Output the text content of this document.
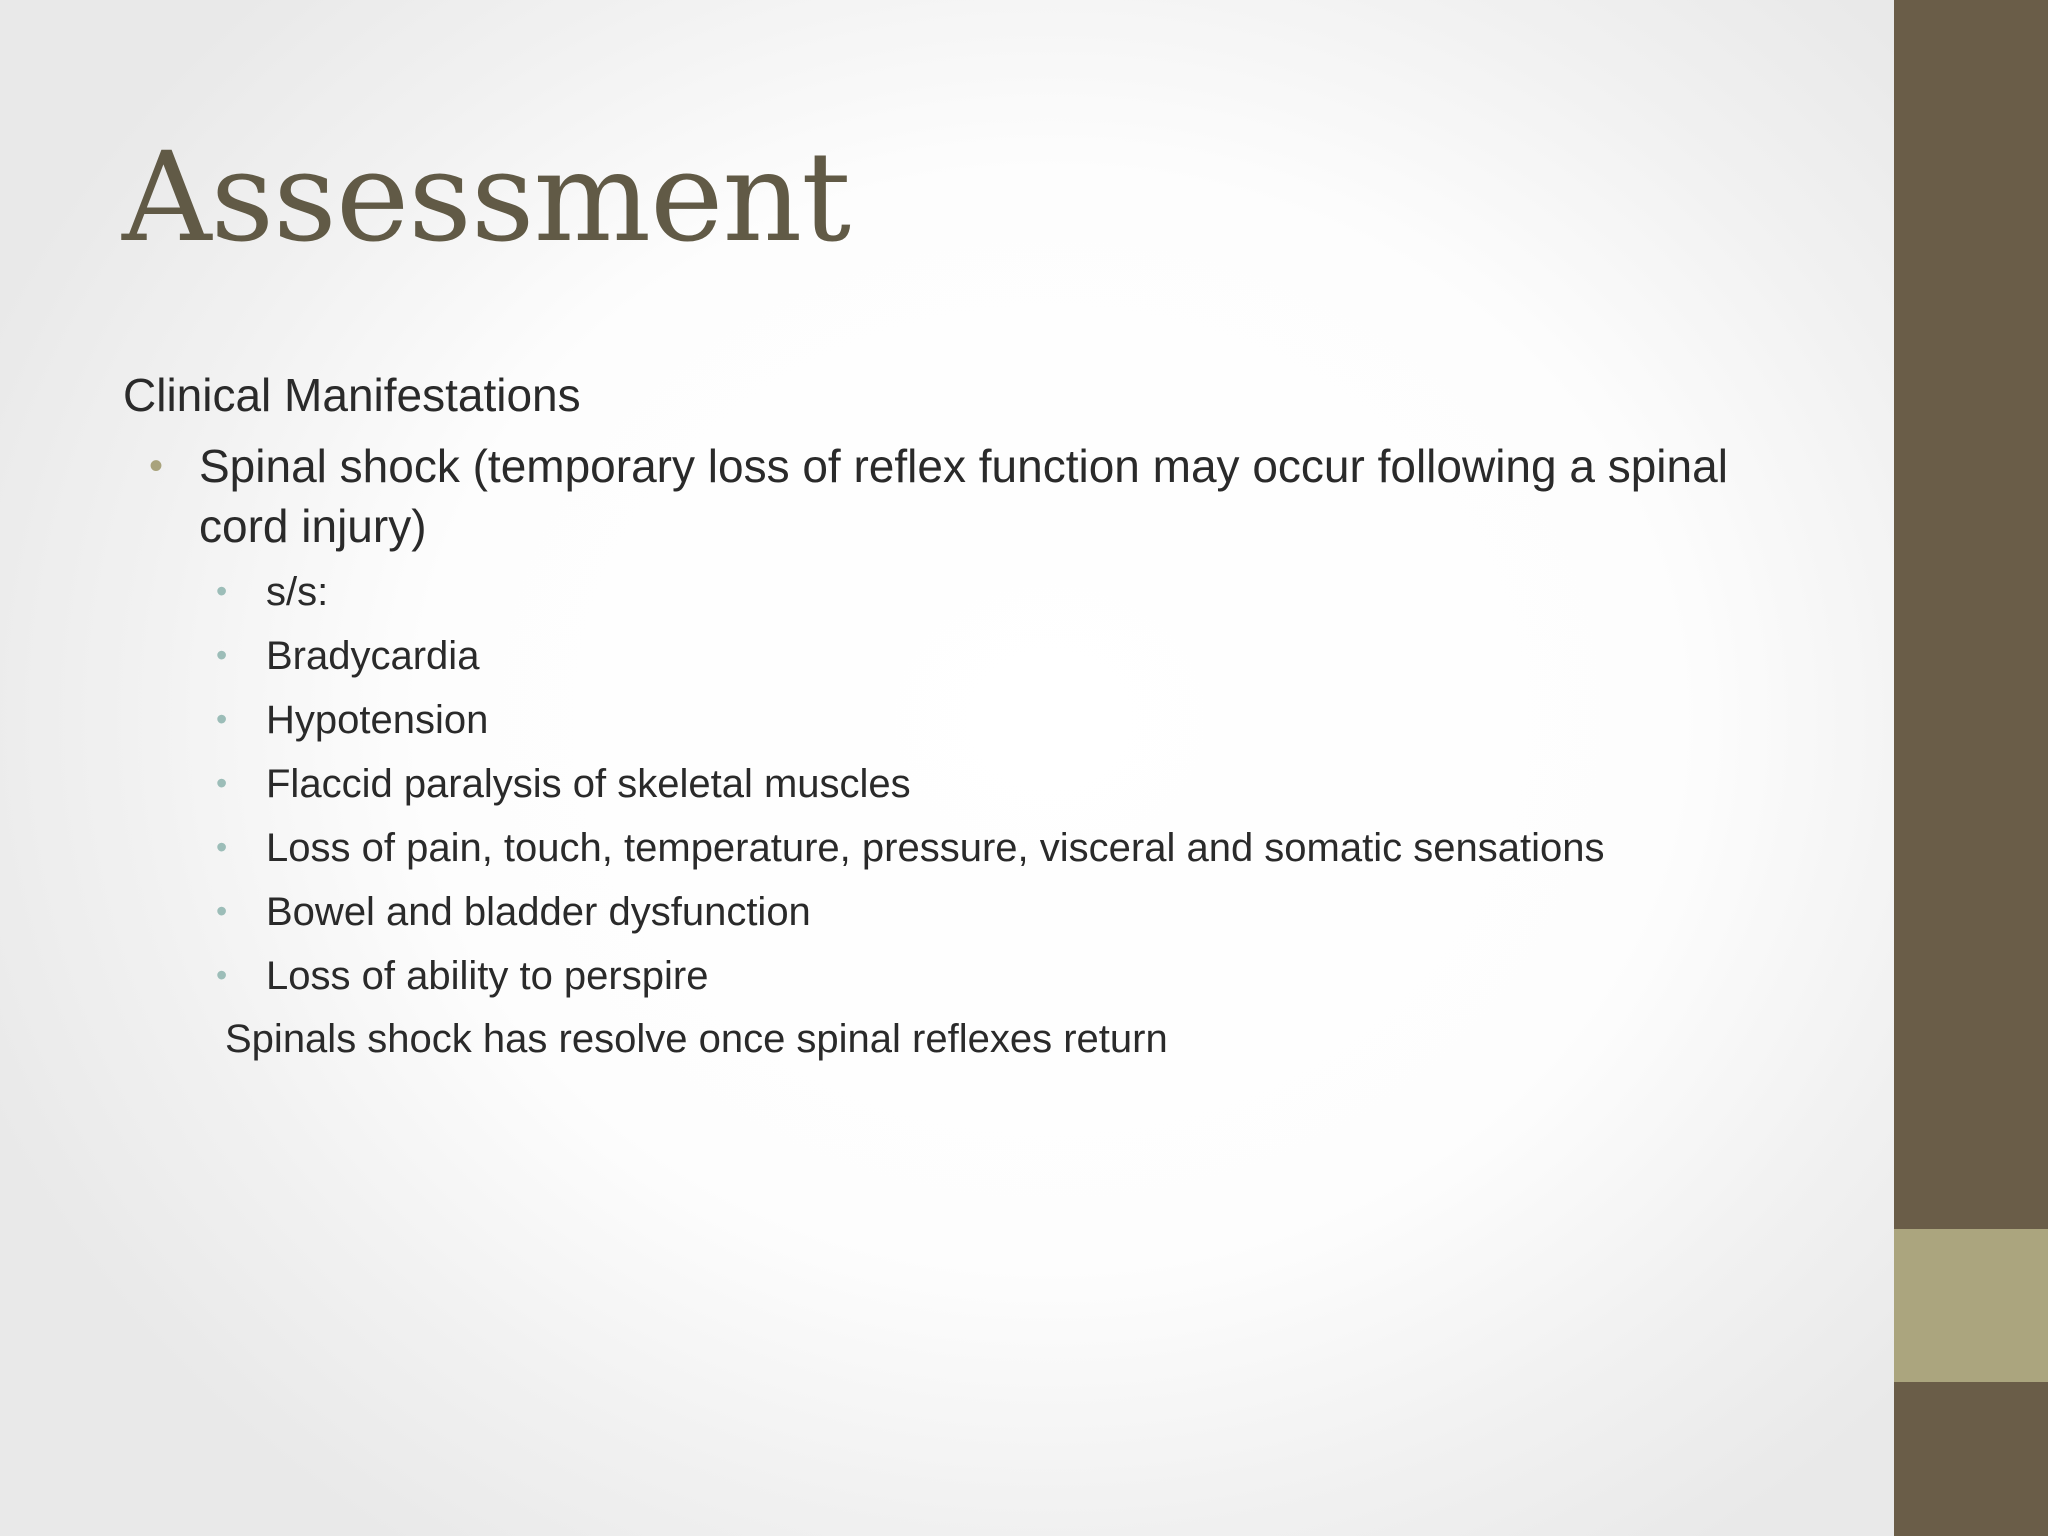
Assessment
Clinical Manifestations
• Spinal shock (temporary loss of reflex function may occur following a spinal cord injury)
• s/s:
• Bradycardia
• Hypotension
• Flaccid paralysis of skeletal muscles
• Loss of pain, touch, temperature, pressure, visceral and somatic sensations
• Bowel and bladder dysfunction
• Loss of ability to perspire
Spinals shock has resolve once spinal reflexes return
